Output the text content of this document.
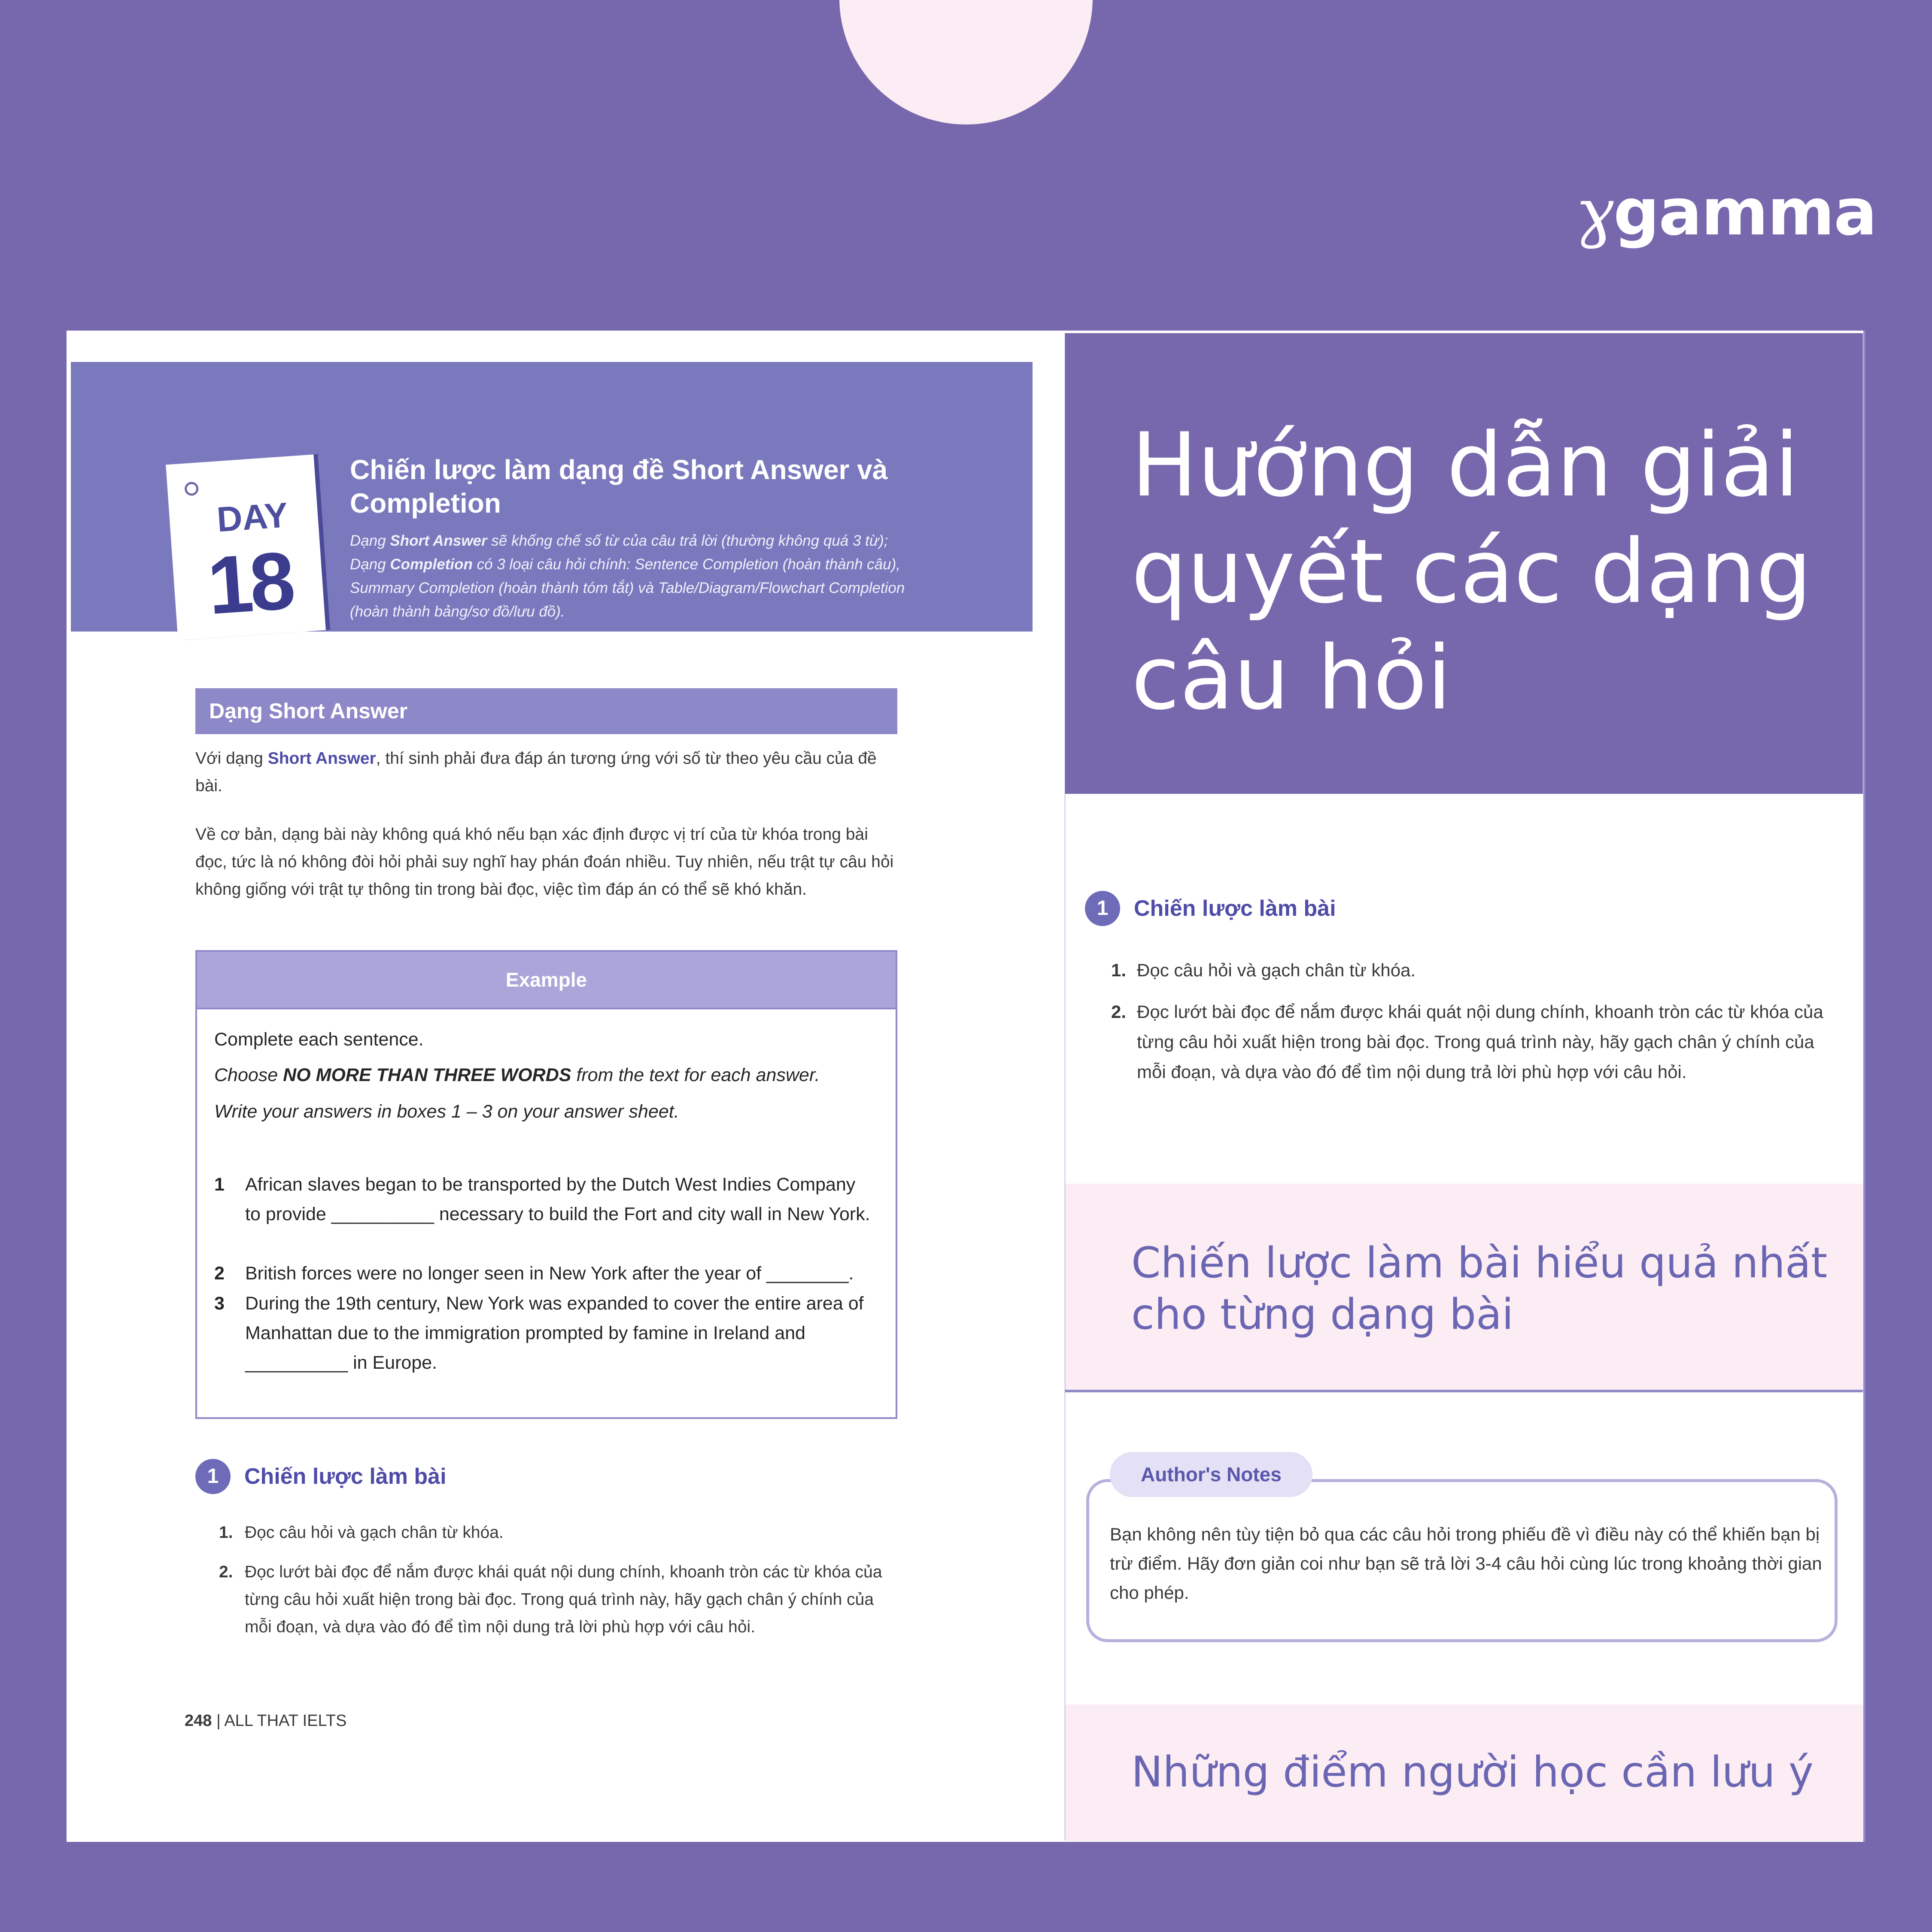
ɣgamma
DAY
18
Chiến lược làm dạng đề Short Answer và Completion
Dạng Short Answer sẽ khống chế số từ của câu trả lời (thường không quá 3 từ); Dạng Completion có 3 loại câu hỏi chính: Sentence Completion (hoàn thành câu), Summary Completion (hoàn thành tóm tắt) và Table/Diagram/Flowchart Completion (hoàn thành bảng/sơ đồ/lưu đồ).
Dạng Short Answer
Với dạng Short Answer, thí sinh phải đưa đáp án tương ứng với số từ theo yêu cầu của đề bài.
Về cơ bản, dạng bài này không quá khó nếu bạn xác định được vị trí của từ khóa trong bài đọc, tức là nó không đòi hỏi phải suy nghĩ hay phán đoán nhiều. Tuy nhiên, nếu trật tự câu hỏi không giống với trật tự thông tin trong bài đọc, việc tìm đáp án có thể sẽ khó khăn.
Example
Complete each sentence.
Choose NO MORE THAN THREE WORDS from the text for each answer.
Write your answers in boxes 1 – 3 on your answer sheet.
1 African slaves began to be transported by the Dutch West Indies Company to provide __________ necessary to build the Fort and city wall in New York.
2 British forces were no longer seen in New York after the year of ________.
3 During the 19th century, New York was expanded to cover the entire area of Manhattan due to the immigration prompted by famine in Ireland and __________ in Europe.
1	Chiến lược làm bài
1. Đọc câu hỏi và gạch chân từ khóa.
2. Đọc lướt bài đọc để nắm được khái quát nội dung chính, khoanh tròn các từ khóa của từng câu hỏi xuất hiện trong bài đọc. Trong quá trình này, hãy gạch chân ý chính của mỗi đoạn, và dựa vào đó để tìm nội dung trả lời phù hợp với câu hỏi.
248 | ALL THAT IELTS
Hướng dẫn giải quyết các dạng câu hỏi
1	Chiến lược làm bài
1. Đọc câu hỏi và gạch chân từ khóa.
2. Đọc lướt bài đọc để nắm được khái quát nội dung chính, khoanh tròn các từ khóa của từng câu hỏi xuất hiện trong bài đọc. Trong quá trình này, hãy gạch chân ý chính của mỗi đoạn, và dựa vào đó để tìm nội dung trả lời phù hợp với câu hỏi.
Chiến lược làm bài hiểu quả nhất cho từng dạng bài
Author's Notes
Bạn không nên tùy tiện bỏ qua các câu hỏi trong phiếu đề vì điều này có thể khiến bạn bị trừ điểm. Hãy đơn giản coi như bạn sẽ trả lời 3-4 câu hỏi cùng lúc trong khoảng thời gian cho phép.
Những điểm người học cần lưu ý
